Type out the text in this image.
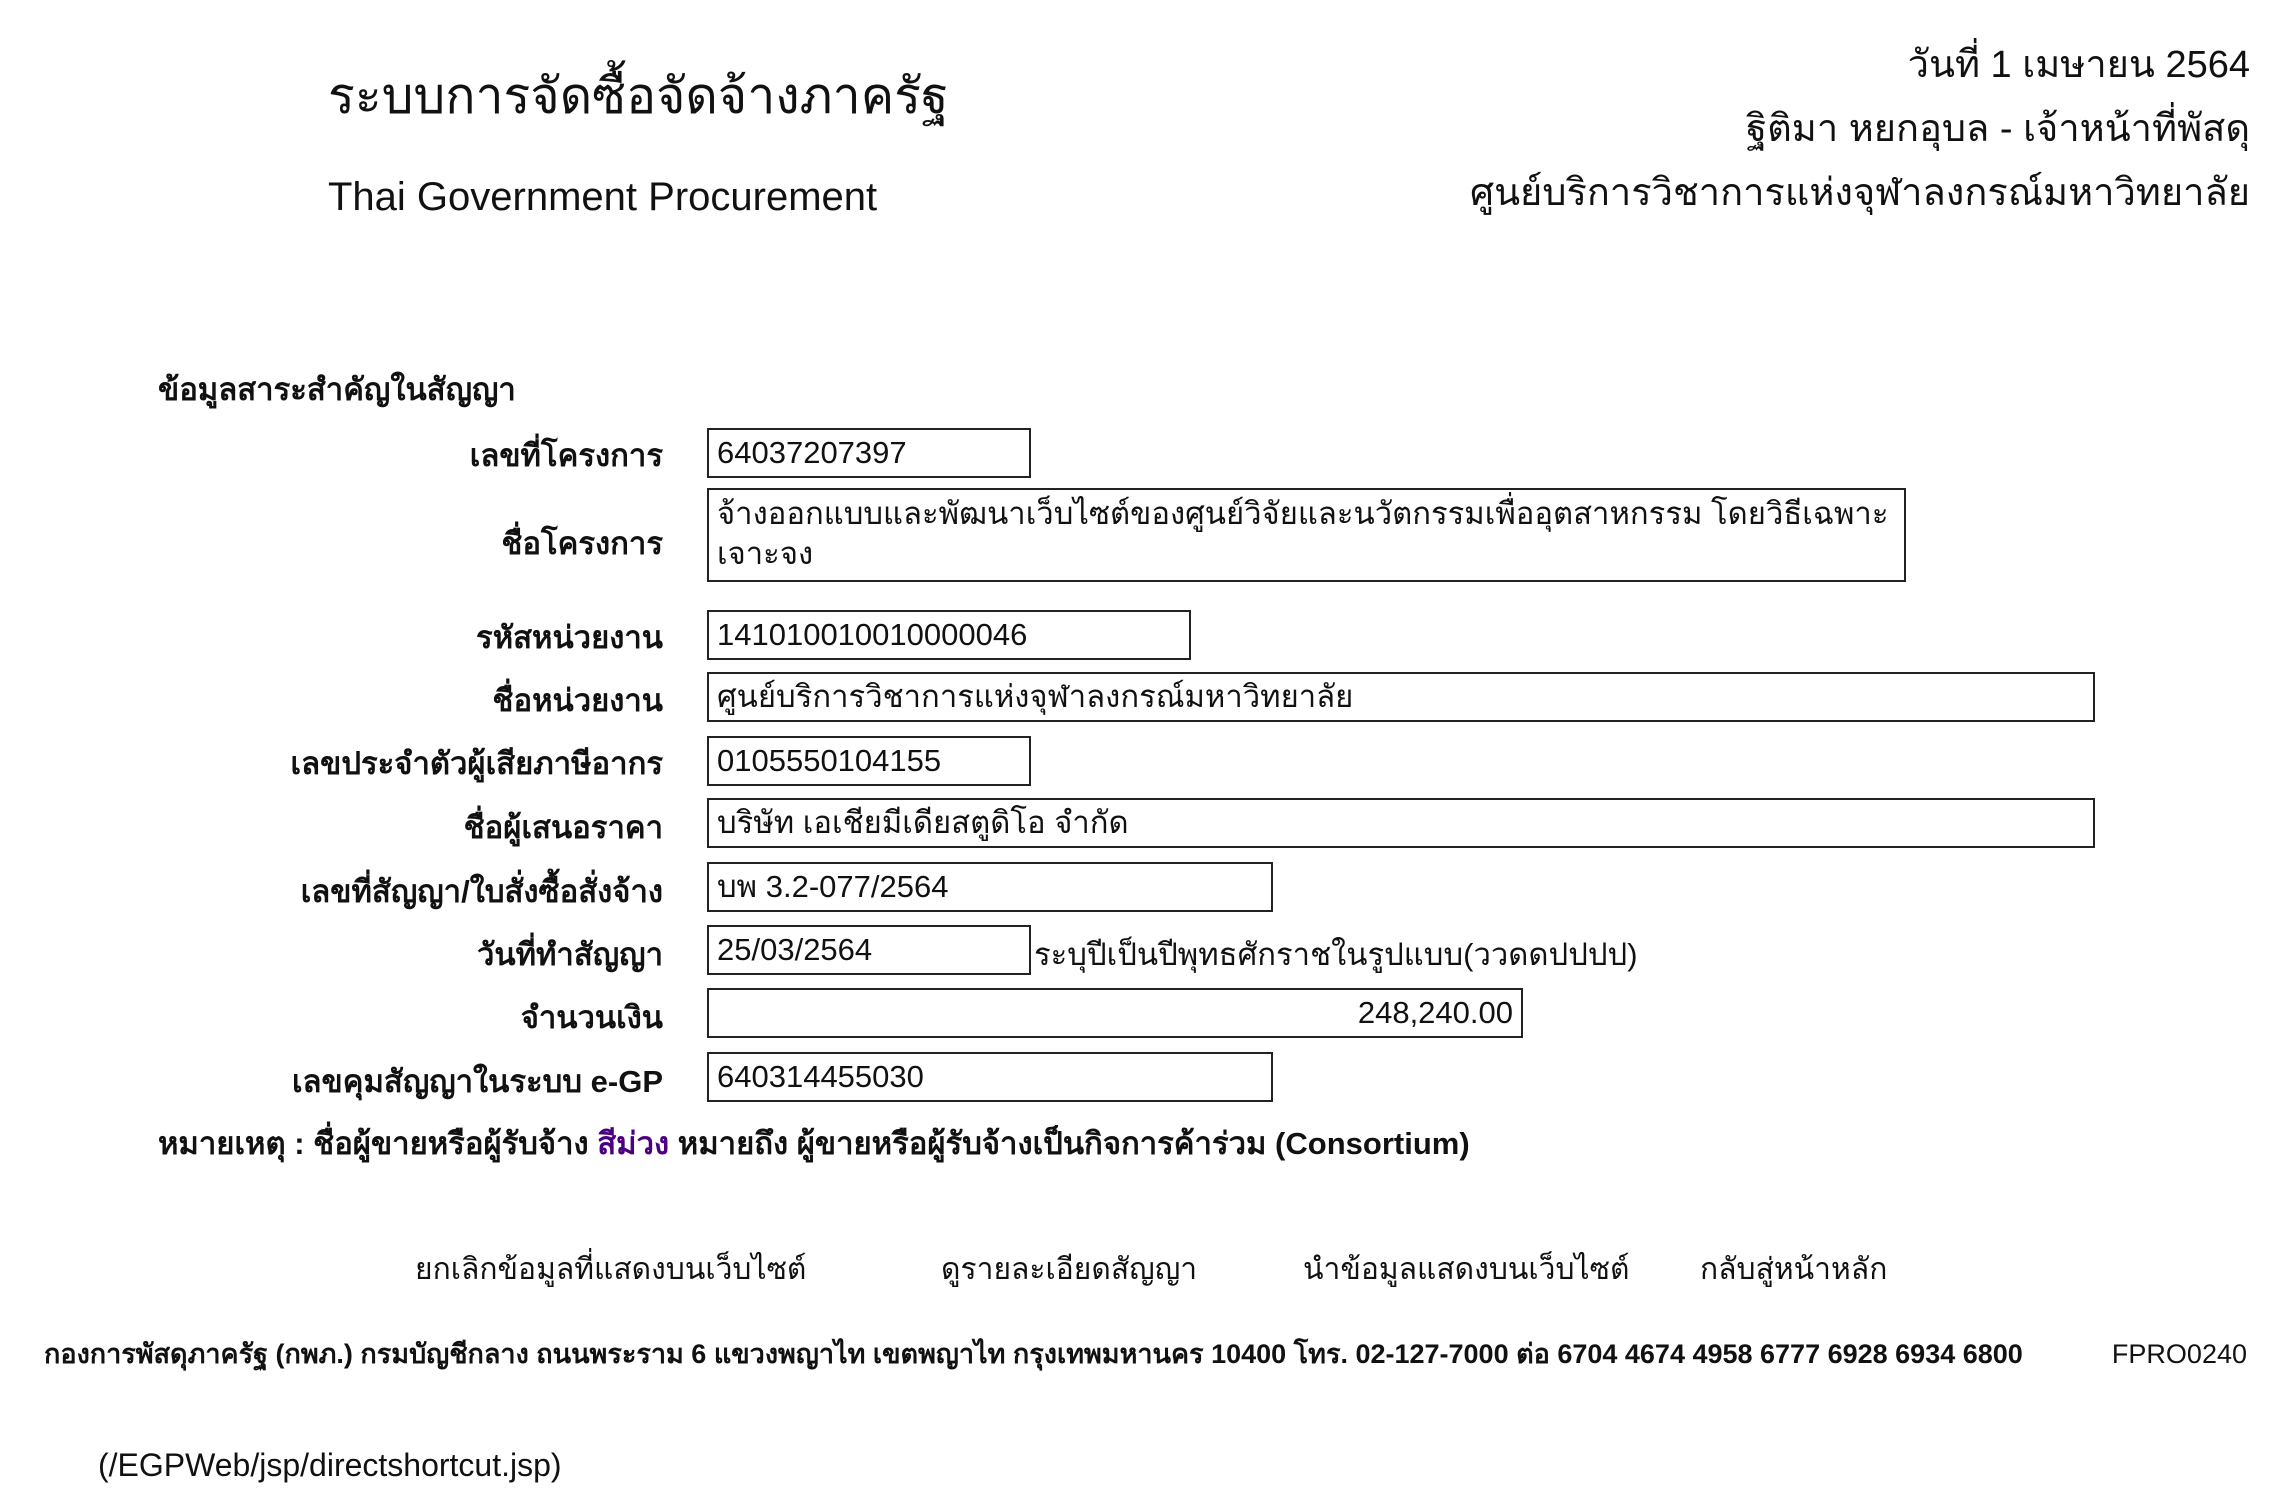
ระบบการจัดซื้อจัดจ้างภาครัฐ
Thai Government Procurement
วันที่ 1 เมษายน 2564
ฐิติมา หยกอุบล - เจ้าหน้าที่พัสดุ
ศูนย์บริการวิชาการแห่งจุฬาลงกรณ์มหาวิทยาลัย
ข้อมูลสาระสำคัญในสัญญา
เลขที่โครงการ	64037207397
ชื่อโครงการ
จ้างออกแบบและพัฒนาเว็บไซต์ของศูนย์วิจัยและนวัตกรรมเพื่ออุตสาหกรรม โดยวิธีเฉพาะเจาะจง
รหัสหน่วยงาน	141010010010000046
ชื่อหน่วยงาน	ศูนย์บริการวิชาการแห่งจุฬาลงกรณ์มหาวิทยาลัย
เลขประจำตัวผู้เสียภาษีอากร	0105550104155
ชื่อผู้เสนอราคา	บริษัท เอเชียมีเดียสตูดิโอ จำกัด
เลขที่สัญญา/ใบสั่งซื้อสั่งจ้าง	บพ 3.2-077/2564
วันที่ทำสัญญา	25/03/2564	ระบุปีเป็นปีพุทธศักราชในรูปแบบ(ววดดปปปป)
จำนวนเงิน	248,240.00
เลขคุมสัญญาในระบบ e-GP	640314455030
หมายเหตุ : ชื่อผู้ขายหรือผู้รับจ้าง สีม่วง หมายถึง ผู้ขายหรือผู้รับจ้างเป็นกิจการค้าร่วม (Consortium)
ยกเลิกข้อมูลที่แสดงบนเว็บไซต์	ดูรายละเอียดสัญญา	นำข้อมูลแสดงบนเว็บไซต์ กลับสู่หน้าหลัก
กองการพัสดุภาครัฐ (กพภ.) กรมบัญชีกลาง ถนนพระราม 6 แขวงพญาไท เขตพญาไท กรุงเทพมหานคร 10400 โทร. 02-127-7000 ต่อ 6704 4674 4958 6777 6928 6934 6800	FPRO0240
(/EGPWeb/jsp/directshortcut.jsp)
